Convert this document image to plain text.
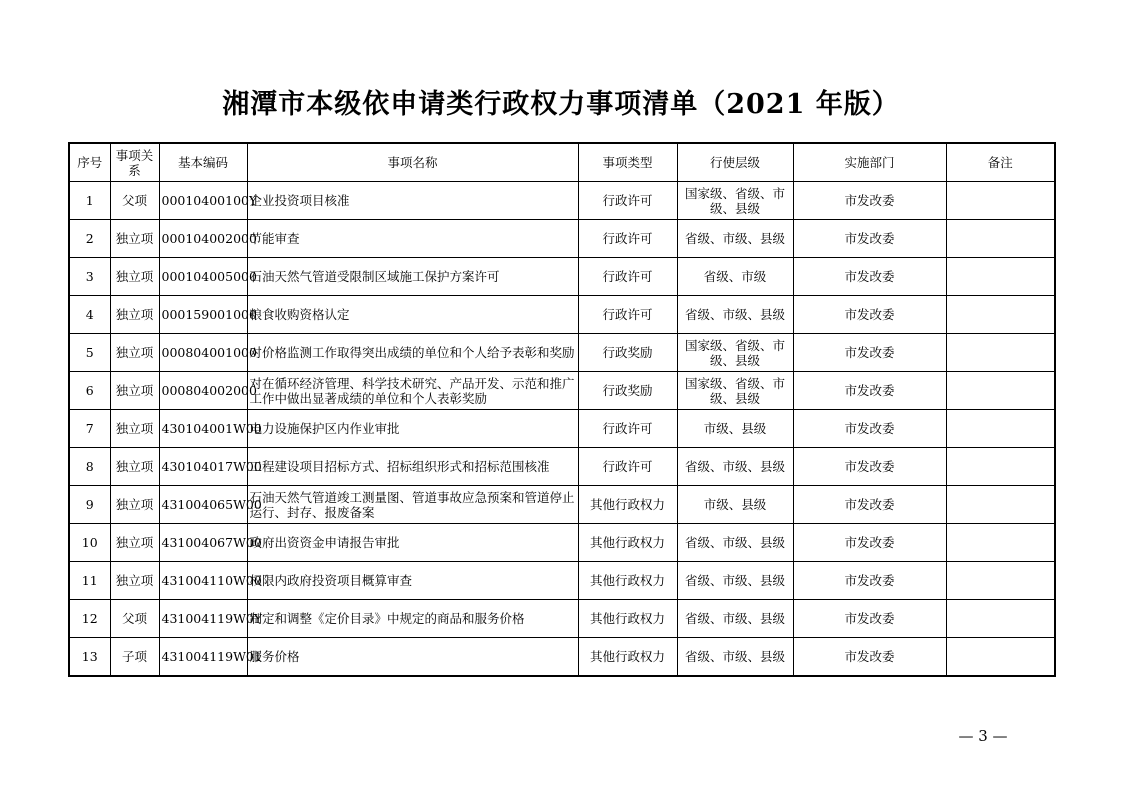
湘潭市本级依申请类行政权力事项清单（2021 年版）
序号	事项关系	基本编码	事项名称	事项类型	行使层级	实施部门	备注
1	父项	00010400100Y	企业投资项目核准	行政许可	国家级、省级、市级、县级	市发改委	
2	独立项	000104002000	节能审查	行政许可	省级、市级、县级	市发改委	
3	独立项	000104005000	石油天然气管道受限制区域施工保护方案许可	行政许可	省级、市级	市发改委	
4	独立项	000159001000	粮食收购资格认定	行政许可	省级、市级、县级	市发改委	
5	独立项	000804001000	对价格监测工作取得突出成绩的单位和个人给予表彰和奖励	行政奖励	国家级、省级、市级、县级	市发改委	
6	独立项	000804002000	对在循环经济管理、科学技术研究、产品开发、示范和推广工作中做出显著成绩的单位和个人表彰奖励	行政奖励	国家级、省级、市级、县级	市发改委	
7	独立项	430104001W00	电力设施保护区内作业审批	行政许可	市级、县级	市发改委	
8	独立项	430104017W00	工程建设项目招标方式、招标组织形式和招标范围核准	行政许可	省级、市级、县级	市发改委	
9	独立项	431004065W00	石油天然气管道竣工测量图、管道事故应急预案和管道停止运行、封存、报废备案	其他行政权力	市级、县级	市发改委	
10	独立项	431004067W00	政府出资资金申请报告审批	其他行政权力	省级、市级、县级	市发改委	
11	独立项	431004110W00	权限内政府投资项目概算审查	其他行政权力	省级、市级、县级	市发改委	
12	父项	431004119W0Y	制定和调整《定价目录》中规定的商品和服务价格	其他行政权力	省级、市级、县级	市发改委	
13	子项	431004119W01	服务价格	其他行政权力	省级、市级、县级	市发改委	
— 3 —
